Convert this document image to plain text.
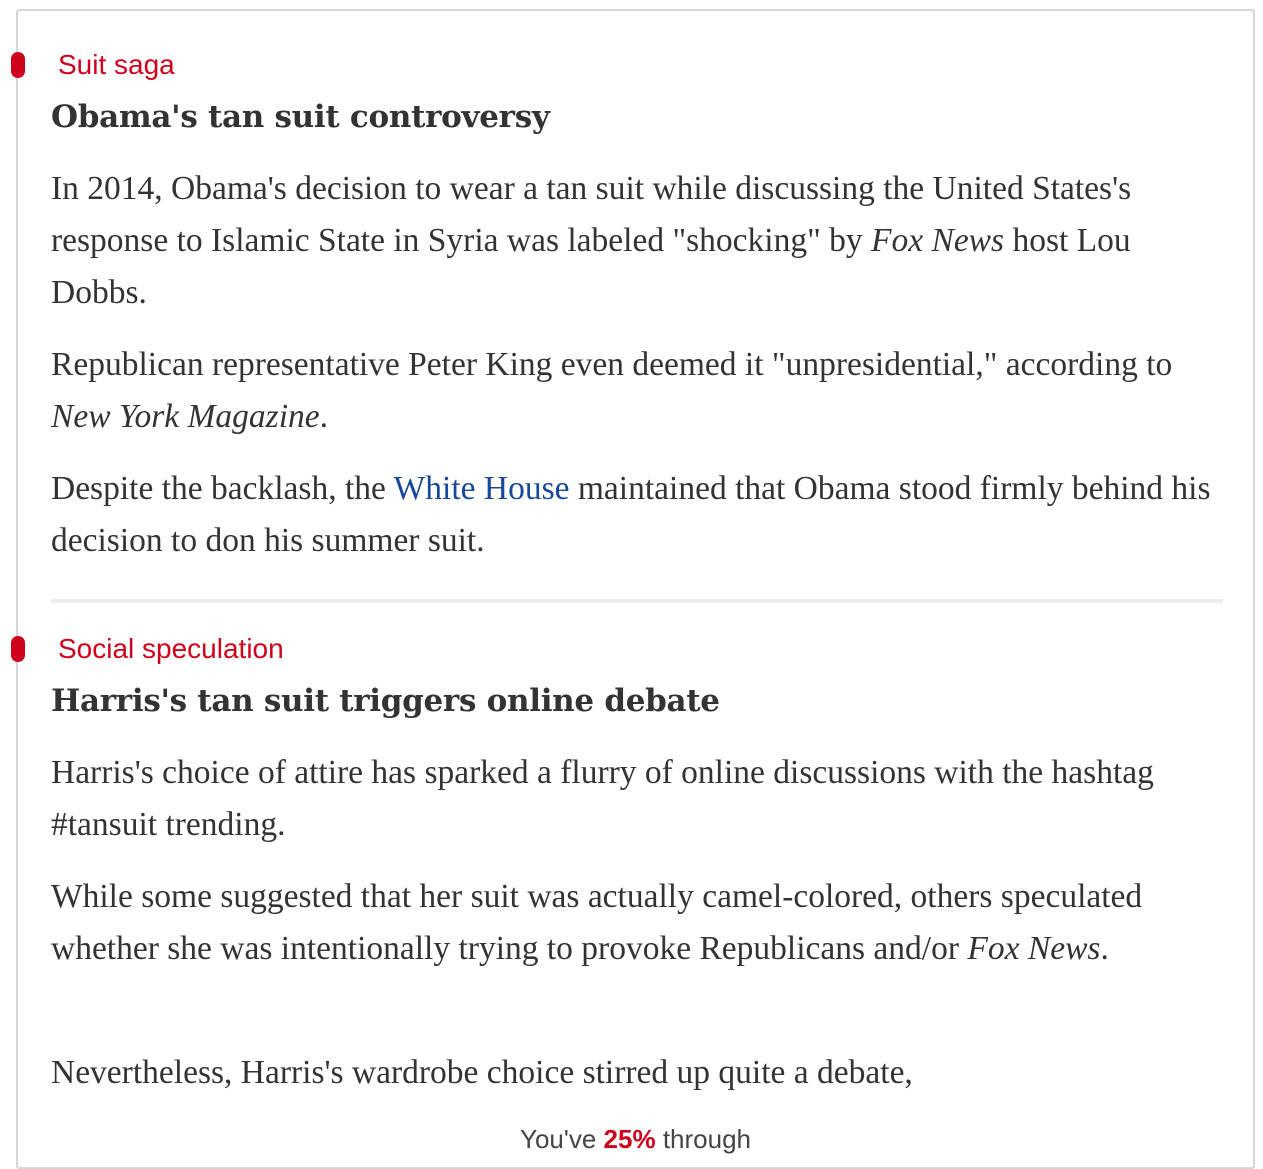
Suit saga
Obama's tan suit controversy

In 2014, Obama's decision to wear a tan suit while discussing the United States's response to Islamic State in Syria was labeled "shocking" by Fox News host Lou Dobbs.

Republican representative Peter King even deemed it "unpresidential," according to New York Magazine.

Despite the backlash, the White House maintained that Obama stood firmly behind his decision to don his summer suit.

Social speculation
Harris's tan suit triggers online debate

Harris's choice of attire has sparked a flurry of online discussions with the hashtag #tansuit trending.

While some suggested that her suit was actually camel-colored, others speculated whether she was intentionally trying to provoke Republicans and/or Fox News.

Nevertheless, Harris's wardrobe choice stirred up quite a debate,

You've 25% through
